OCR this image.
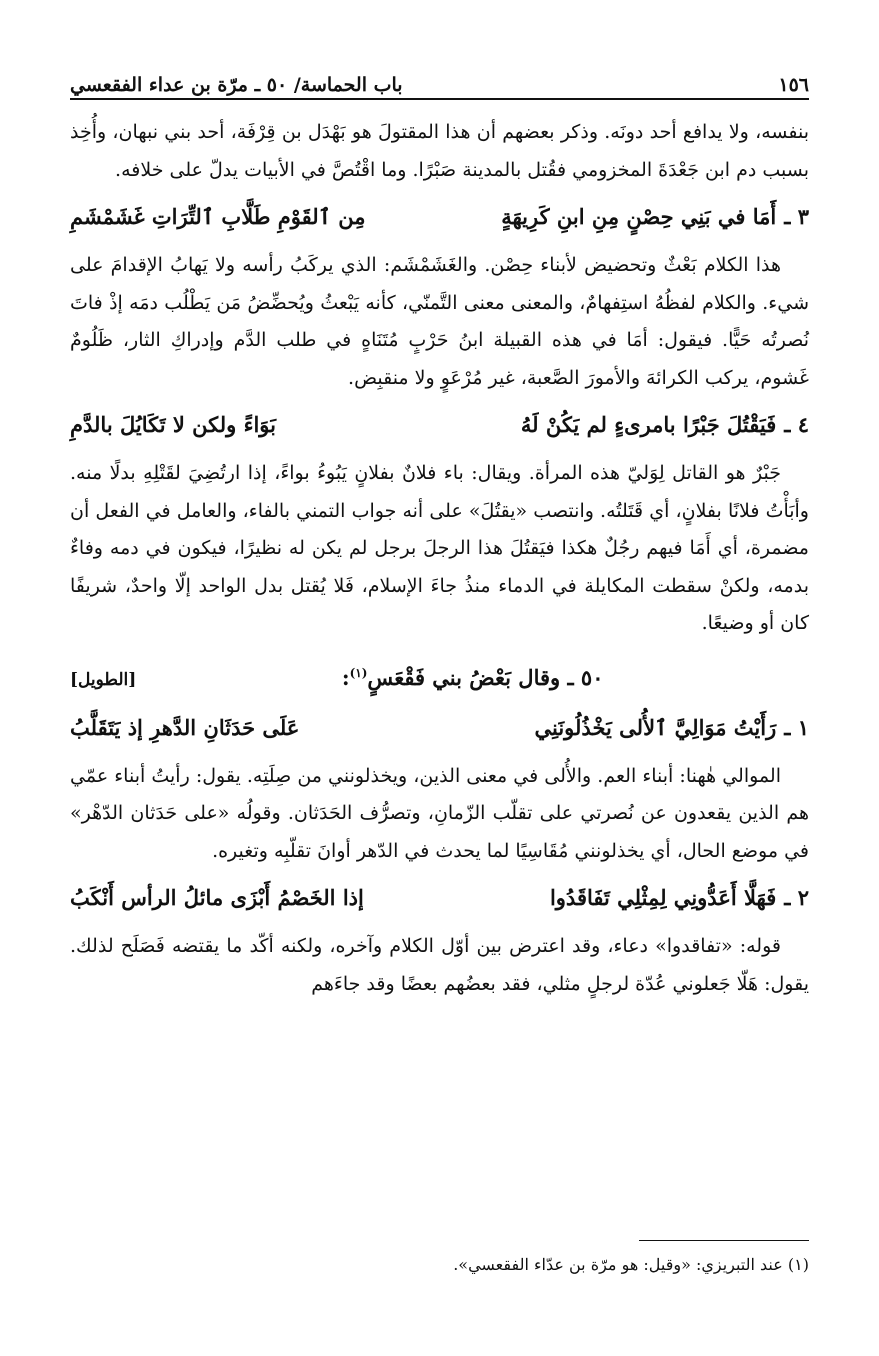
١٥٦
باب الحماسة/ ٥٠ ـ مرّة بن عداء الفقعسي

بنفسه، ولا يدافع أحد دونَه. وذكر بعضهم أن هذا المقتولَ هو بَهْدَل بن قِرْفَة، أحد بني نبهان، وأُخِذ بسبب دم ابن جَعْدَةَ المخزومي فقُتل بالمدينة صَبْرًا. وما اقْتُصَّ في الأبيات يدلّ على خلافه.

٣ ـ
أَمَا في بَنِي حِصْنٍ مِنِ ابنِ كَرِيهَةٍ
مِن ٱلقَوْمِ طَلَّابِ ٱلتِّرَاتِ غَشَمْشَمِ

هذا الكلام بَعْثٌ وتحضيض لأبناء حِصْن. والغَشَمْشَم: الذي يركَبُ رأسه ولا يَهابُ الإقدامَ على شيء. والكلام لفظُهُ استِفهامٌ، والمعنى معنى التَّمنّي، كأنه يَبْعثُ ويُحضِّضُ مَن يَطْلُب دمَه إذْ فاتَ نُصرتُه حَيًّا. فيقول: أمَا في هذه القبيلة ابنُ حَرْبٍ مُتَنَاهٍ في طلب الدَّم وإدراكِ الثار، ظَلُومٌ غَشوم، يركب الكرائهَ والأمورَ الصَّعبة، غير مُرْعَوٍ ولا منقبِض.

٤ ـ
فَيَقْتُلَ جَبْرًا بامرىءٍ لم يَكُنْ لَهُ
بَوَاءً ولكن لا تَكَايُلَ بالدَّمِ

جَبْرٌ هو القاتل لِوَليّ هذه المرأة. ويقال: باء فلانٌ بفلانٍ يَبُوءُ بواءً، إذا ارتُضِيَ لقَتْلِهِ بدلًا منه. وأبَأْتُ فلانًا بفلانٍ، أي قَتَلتُه. وانتصب «يقتُلَ» على أنه جواب التمني بالفاء، والعامل في الفعل أن مضمرة، أي أَمَا فيهم رجُلٌ هكذا فيَقتُلَ هذا الرجلَ برجل لم يكن له نظيرًا، فيكون في دمه وفاءٌ بدمه، ولكنْ سقطت المكايلة في الدماء منذُ جاءَ الإسلام، فَلا يُقتل بدل الواحد إلّا واحدٌ، شريفًا كان أو وضيعًا.

٥٠ ـ وقال بَعْضُ بني فَقْعَسٍ$^{(١)}$:
[الطويل]
١ ـ
رَأَيْتُ مَوَالِيَّ ٱلأُلى يَخْذُلُونَنِي
عَلَى حَدَثَانِ الدَّهرِ إذ يَتَقَلَّبُ

الموالي هٰهنا: أبناء العم. والأُلى في معنى الذين، ويخذلونني من صِلَتِه. يقول: رأيتُ أبناء عمّي هم الذين يقعدون عن نُصرتي على تقلّب الزّمانِ، وتصرُّف الحَدَثان. وقولُه «على حَدَثان الدّهْر» في موضع الحال، أي يخذلونني مُقَاسِيًا لما يحدث في الدّهر أوانَ تقلّبِه وتغيره.

٢ ـ
فَهَلَّا أَعَدُّونِي لِمِثْلِي تَفَاقَدُوا
إذا الخَصْمُ أَبْزَى مائلُ الرأس أَنْكَبُ

قوله: «تفاقدوا» دعاء، وقد اعترض بين أوّل الكلام وآخره، ولكنه أكّد ما يقتضه فَصَلَح لذلك. يقول: هَلّا جَعلوني عُدّة لرجلٍ مثلي، فقد بعضُهم بعضًا وقد جاءَهم

(١) عند التبريزي: «وقيل: هو مرّة بن عدّاء الفقعسي».
